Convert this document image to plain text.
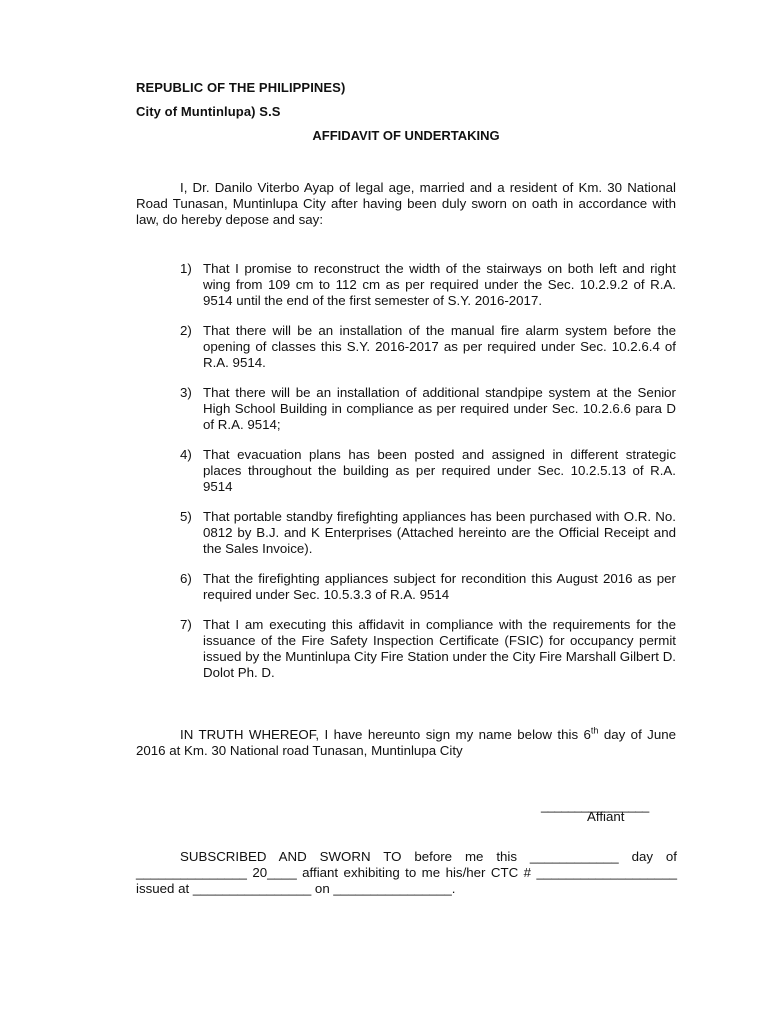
REPUBLIC OF THE PHILIPPINES)
City of Muntinlupa) S.S
AFFIDAVIT OF UNDERTAKING
I, Dr. Danilo Viterbo Ayap of legal age, married and a resident of Km. 30 National Road Tunasan, Muntinlupa City after having been duly sworn on oath in accordance with law, do hereby depose and say:
1) That I promise to reconstruct the width of the stairways on both left and right wing from 109 cm to 112 cm as per required under the Sec. 10.2.9.2 of R.A. 9514 until the end of the first semester of S.Y. 2016-2017.
2) That there will be an installation of the manual fire alarm system before the opening of classes this S.Y. 2016-2017 as per required under Sec. 10.2.6.4 of R.A. 9514.
3) That there will be an installation of additional standpipe system at the Senior High School Building in compliance as per required under Sec. 10.2.6.6 para D of R.A. 9514;
4) That evacuation plans has been posted and assigned in different strategic places throughout the building as per required under Sec. 10.2.5.13 of R.A. 9514
5) That portable standby firefighting appliances has been purchased with O.R. No. 0812 by B.J. and K Enterprises (Attached hereinto are the Official Receipt and the Sales Invoice).
6) That the firefighting appliances subject for recondition this August 2016 as per required under Sec. 10.5.3.3 of R.A. 9514
7) That I am executing this affidavit in compliance with the requirements for the issuance of the Fire Safety Inspection Certificate (FSIC) for occupancy permit issued by the Muntinlupa City Fire Station under the City Fire Marshall Gilbert D. Dolot Ph. D.
IN TRUTH WHEREOF, I have hereunto sign my name below this 6th day of June 2016 at Km. 30 National road Tunasan, Muntinlupa City
________________
Affiant
SUBSCRIBED AND SWORN TO before me this ____________ day of _______________ 20____ affiant exhibiting to me his/her CTC # ___________________ issued at ________________ on ________________.
